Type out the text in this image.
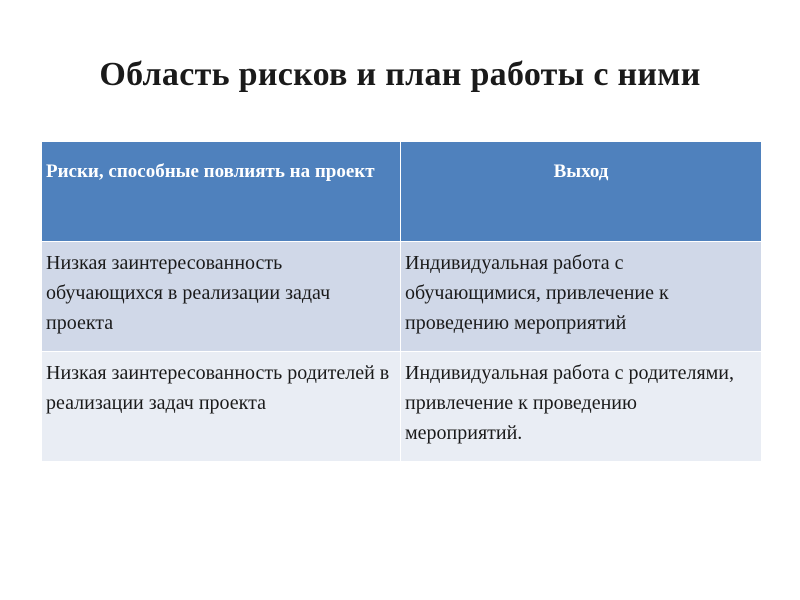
Область рисков и план работы с ними
Риски, способные повлиять на проект	Выход
Низкая заинтересованность обучающихся в реализации задач проекта	Индивидуальная работа с обучающимися, привлечение к проведению мероприятий
Низкая заинтересованность родителей в реализации задач проекта	Индивидуальная работа с родителями, привлечение к проведению мероприятий.
